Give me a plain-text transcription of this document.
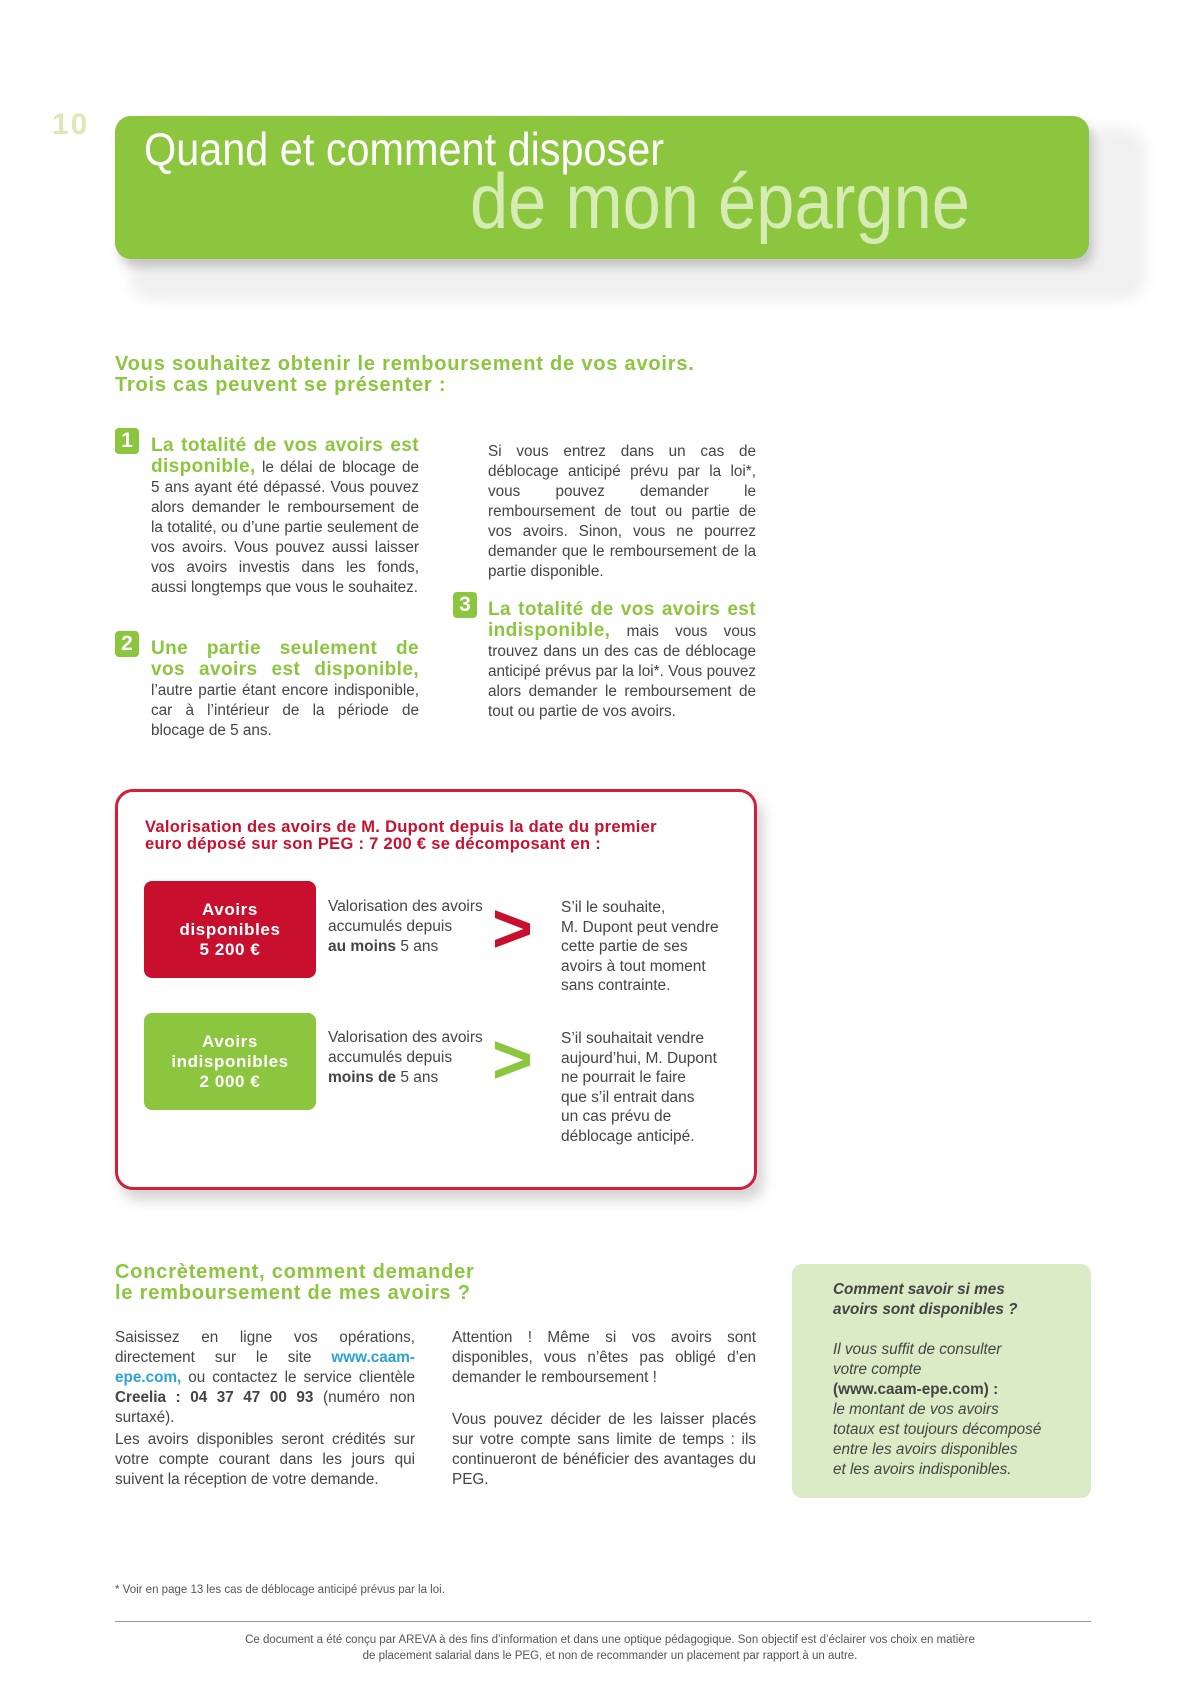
10 Quand et comment disposer
de mon épargne
Vous souhaitez obtenir le remboursement de vos avoirs.
Trois cas peuvent se présenter :
1 La totalité de vos avoirs est disponible, le délai de blocage de 5 ans ayant été dépassé. Vous pouvez alors demander le remboursement de la totalité, ou d’une partie seulement de vos avoirs. Vous pouvez aussi laisser vos avoirs investis dans les fonds, aussi longtemps que vous le souhaitez.
2 Une partie seulement de vos avoirs est disponible, l’autre partie étant encore indisponible, car à l’intérieur de la période de blocage de 5 ans.
Si vous entrez dans un cas de déblocage anticipé prévu par la loi*, vous pouvez demander le remboursement de tout ou partie de vos avoirs. Sinon, vous ne pourrez demander que le remboursement de la partie disponible.
3 La totalité de vos avoirs est indisponible, mais vous vous trouvez dans un des cas de déblocage anticipé prévus par la loi*. Vous pouvez alors demander le remboursement de tout ou partie de vos avoirs.
Valorisation des avoirs de M. Dupont depuis la date du premier
euro déposé sur son PEG : 7 200 € se décomposant en :
Avoirs
disponibles
5 200 €
Valorisation des avoirs
accumulés depuis
au moins 5 ans > S’il le souhaite,
M. Dupont peut vendre
cette partie de ses
avoirs à tout moment
sans contrainte.
Avoirs
indisponibles
2 000 €
Valorisation des avoirs
accumulés depuis
moins de 5 ans > S’il souhaitait vendre
aujourd’hui, M. Dupont
ne pourrait le faire
que s’il entrait dans
un cas prévu de
déblocage anticipé.
Concrètement, comment demander
le remboursement de mes avoirs ?
Saisissez en ligne vos opérations, directement sur le site www.caam-epe.com, ou contactez le service clientèle Creelia : 04 37 47 00 93 (numéro non surtaxé).
Les avoirs disponibles seront crédités sur votre compte courant dans les jours qui suivent la réception de votre demande.
Attention ! Même si vos avoirs sont disponibles, vous n’êtes pas obligé d’en demander le remboursement !
Vous pouvez décider de les laisser placés sur votre compte sans limite de temps : ils continueront de bénéficier des avantages du PEG.
Comment savoir si mes
avoirs sont disponibles ?
Il vous suffit de consulter
votre compte
(www.caam-epe.com) :
le montant de vos avoirs
totaux est toujours décomposé
entre les avoirs disponibles
et les avoirs indisponibles.
* Voir en page 13 les cas de déblocage anticipé prévus par la loi.
Ce document a été conçu par AREVA à des fins d’information et dans une optique pédagogique. Son objectif est d’éclairer vos choix en matière
de placement salarial dans le PEG, et non de recommander un placement par rapport à un autre.
